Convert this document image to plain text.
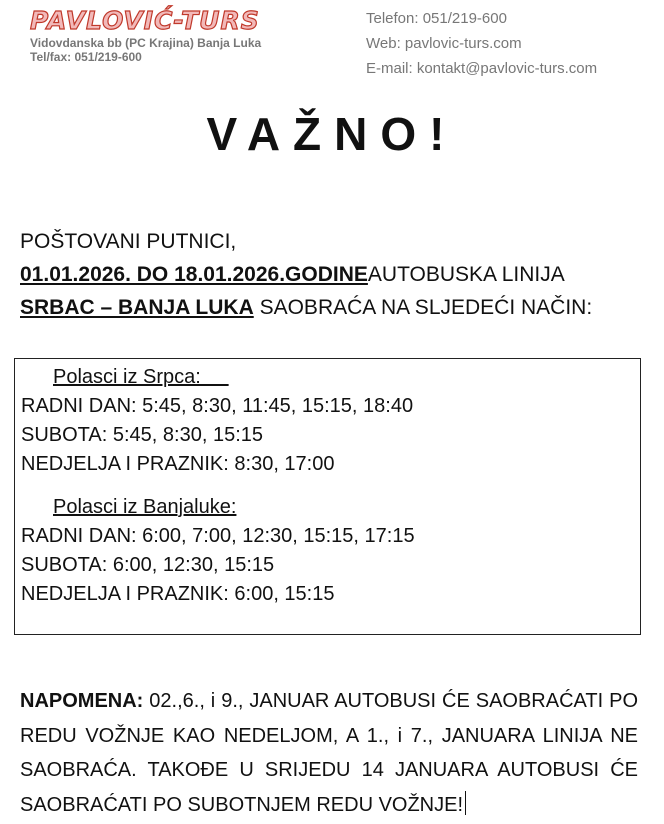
PAVLOVIĆ-TURS
Vidovdanska bb (PC Krajina) Banja Luka
Tel/fax: 051/219-600
Telefon: 051/219-600
Web: pavlovic-turs.com
E-mail: kontakt@pavlovic-turs.com
VAŽNO!
POŠTOVANI PUTNICI,
01.01.2026. DO 18.01.2026.GODINEAUTOBUSKA LINIJA
SRBAC – BANJA LUKA SAOBRAĆA NA SLJEDEĆI NAČIN:
Polasci iz Srpca:
RADNI DAN: 5:45, 8:30, 11:45, 15:15, 18:40
SUBOTA: 5:45, 8:30, 15:15
NEDJELJA I PRAZNIK: 8:30, 17:00
Polasci iz Banjaluke:
RADNI DAN: 6:00, 7:00, 12:30, 15:15, 17:15
SUBOTA: 6:00, 12:30, 15:15
NEDJELJA I PRAZNIK: 6:00, 15:15
NAPOMENA: 02.,6., i 9., JANUAR AUTOBUSI ĆE SAOBRAĆATI PO REDU VOŽNJE KAO NEDELJOM, A 1., i 7., JANUARA LINIJA NE SAOBRAĆA. TAKOĐE U SRIJEDU 14 JANUARA AUTOBUSI ĆE SAOBRAĆATI PO SUBOTNJEM REDU VOŽNJE!
